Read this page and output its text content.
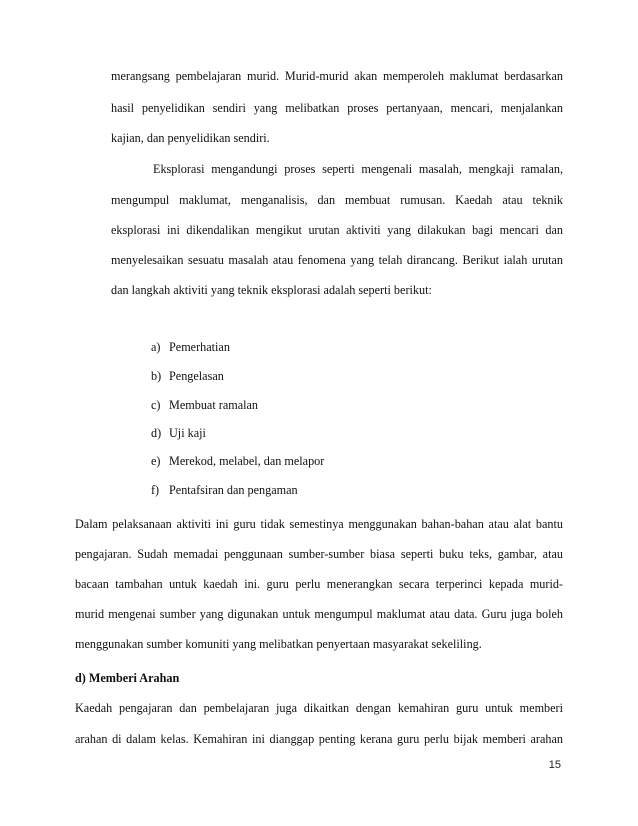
merangsang pembelajaran murid. Murid-murid akan memperoleh maklumat berdasarkan
hasil penyelidikan sendiri yang melibatkan proses pertanyaan, mencari, menjalankan
kajian, dan penyelidikan sendiri.
Eksplorasi mengandungi proses seperti mengenali masalah, mengkaji ramalan,
mengumpul maklumat, menganalisis, dan membuat rumusan. Kaedah atau teknik
eksplorasi ini dikendalikan mengikut urutan aktiviti yang dilakukan bagi mencari dan
menyelesaikan sesuatu masalah atau fenomena yang telah dirancang. Berikut ialah urutan
dan langkah aktiviti yang teknik eksplorasi adalah seperti berikut:
a) Pemerhatian
b) Pengelasan
c) Membuat ramalan
d) Uji kaji
e) Merekod, melabel, dan melapor
f) Pentafsiran dan pengaman
Dalam pelaksanaan aktiviti ini guru tidak semestinya menggunakan bahan-bahan atau alat bantu
pengajaran. Sudah memadai penggunaan sumber-sumber biasa seperti buku teks, gambar, atau
bacaan tambahan untuk kaedah ini. guru perlu menerangkan secara terperinci kepada murid-
murid mengenai sumber yang digunakan untuk mengumpul maklumat atau data. Guru juga boleh
menggunakan sumber komuniti yang melibatkan penyertaan masyarakat sekeliling.
d) Memberi Arahan
Kaedah pengajaran dan pembelajaran juga dikaitkan dengan kemahiran guru untuk memberi
arahan di dalam kelas. Kemahiran ini dianggap penting kerana guru perlu bijak memberi arahan
15
